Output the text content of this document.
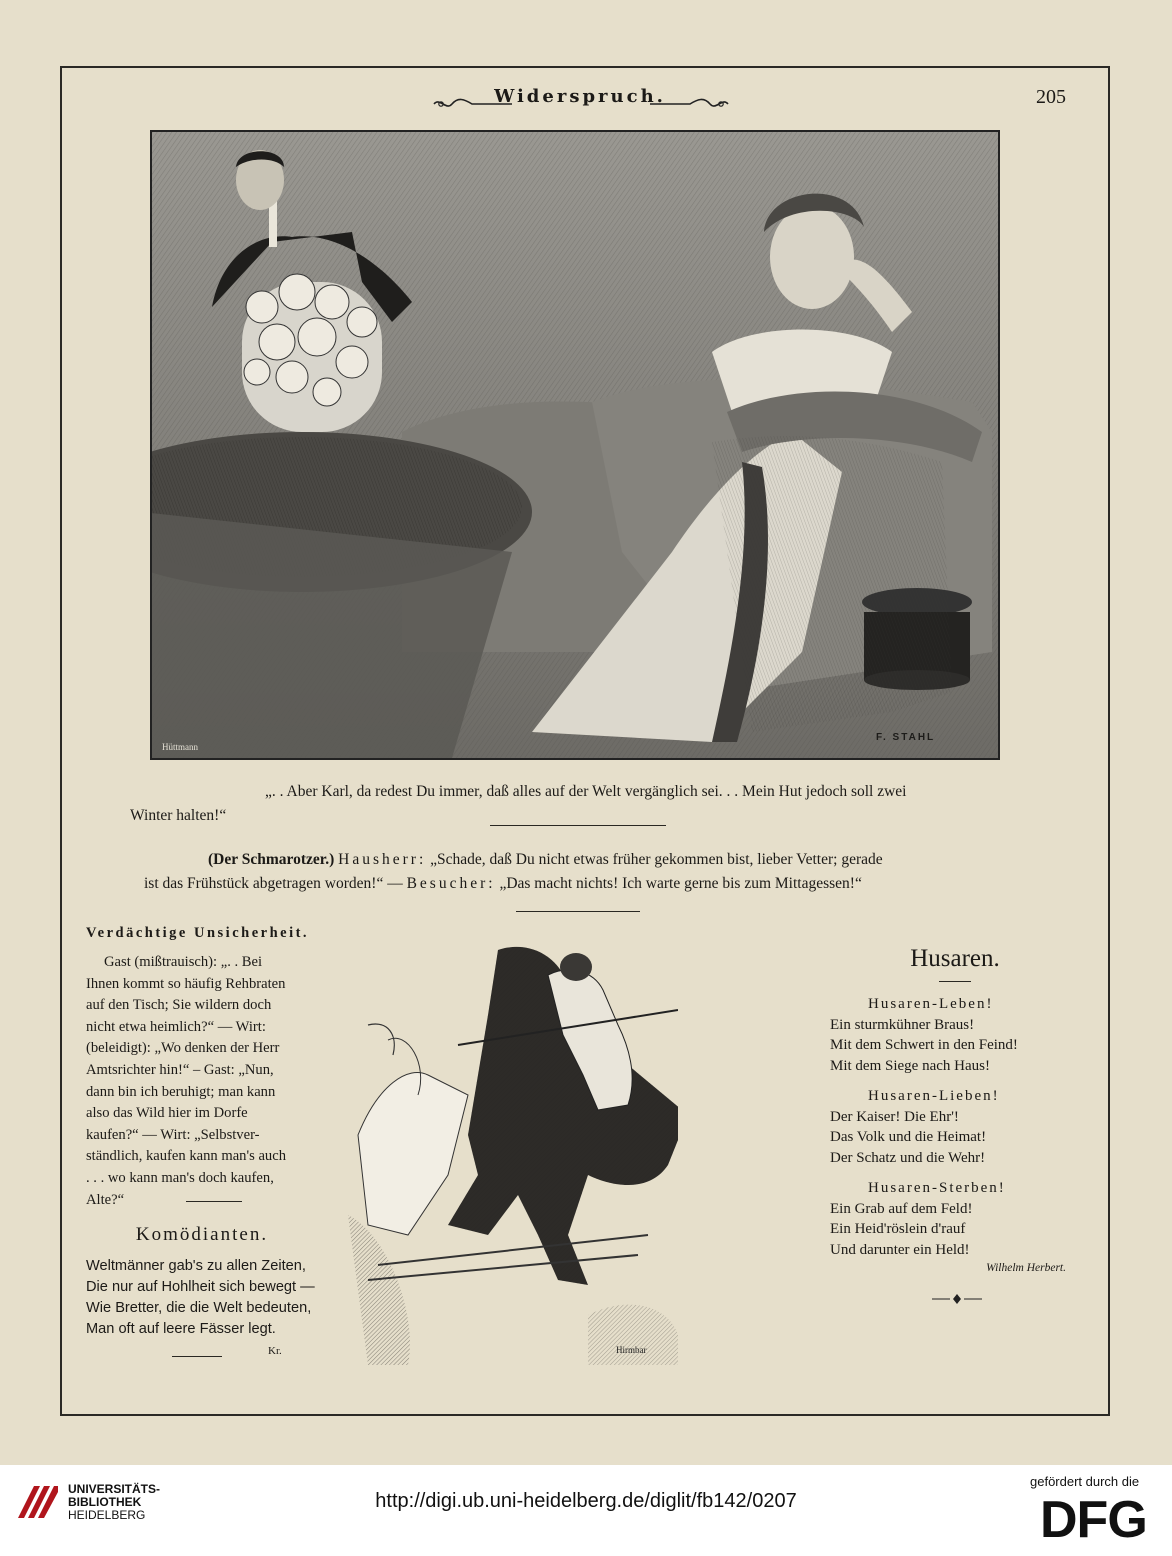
Widerspruch.	205
Hüttmann
F. STAHL
„. . Aber Karl, da redest Du immer, daß alles auf der Welt vergänglich sei. . . Mein Hut jedoch soll zwei
Winter halten!“
(Der Schmarotzer.) Hausherr: „Schade, daß Du nicht etwas früher gekommen bist, lieber Vetter; gerade
ist das Frühstück abgetragen worden!“ — Besucher: „Das macht nichts! Ich warte gerne bis zum Mittagessen!“
Verdächtige Unsicherheit.
Gast (mißtrauisch): „. . Bei
Ihnen kommt so häufig Rehbraten
auf den Tisch; Sie wildern doch
nicht etwa heimlich?“ — Wirt:
(beleidigt): „Wo denken der Herr
Amtsrichter hin!“ – Gast: „Nun,
dann bin ich beruhigt; man kann
also das Wild hier im Dorfe
kaufen?“ — Wirt: „Selbstver-
ständlich, kaufen kann man's auch
. . . wo kann man's doch kaufen,
Alte?“
Komödianten.
Weltmänner gab's zu allen Zeiten,
Die nur auf Hohlheit sich bewegt —
Wie Bretter, die die Welt bedeuten,
Man oft auf leere Fässer legt.
Kr.	Hirmbar
Husaren.
Husaren-Leben!
Ein sturmkühner Braus!
Mit dem Schwert in den Feind!
Mit dem Siege nach Haus!
Husaren-Lieben!
Der Kaiser! Die Ehr'!
Das Volk und die Heimat!
Der Schatz und die Wehr!
Husaren-Sterben!
Ein Grab auf dem Feld!
Ein Heid'röslein d'rauf
Und darunter ein Held!
Wilhelm Herbert.
UNIVERSITÄTS-
BIBLIOTHEK
HEIDELBERG
http://digi.ub.uni-heidelberg.de/diglit/fb142/0207
gefördert durch die
DFG
